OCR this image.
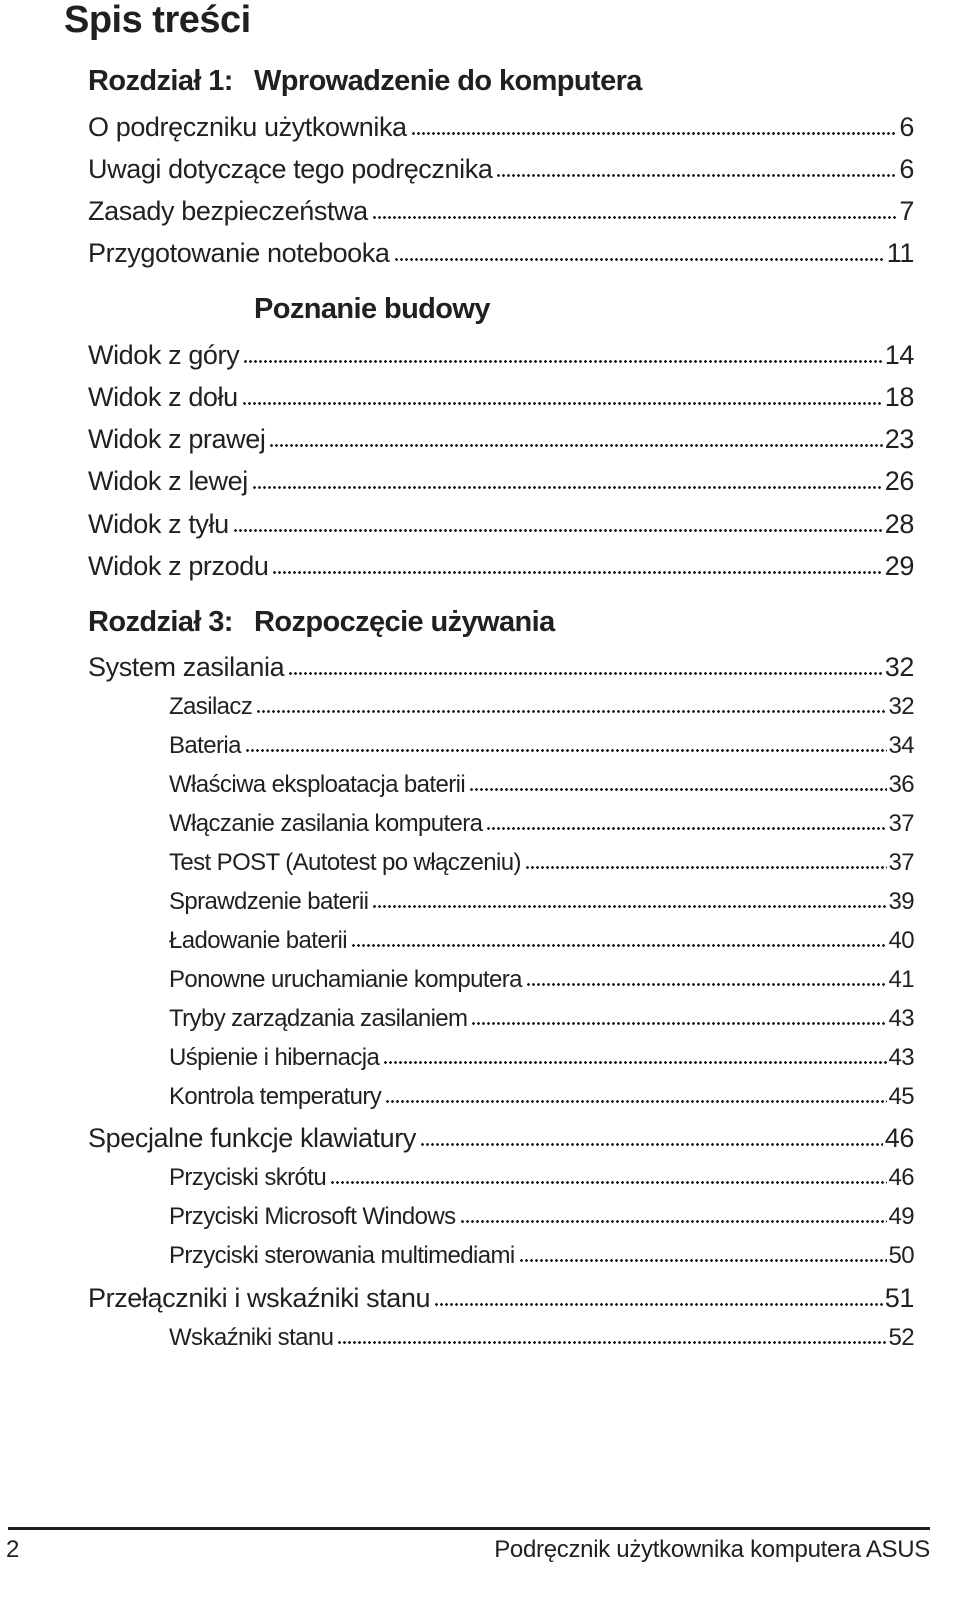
Spis treści
Rozdział 1: Wprowadzenie do komputera
O podręczniku użytkownika	6
Uwagi dotyczące tego podręcznika	6
Zasady bezpieczeństwa	7
Przygotowanie notebooka	11
Poznanie budowy
Widok z góry	14
Widok z dołu	18
Widok z prawej	23
Widok z lewej	26
Widok z tyłu	28
Widok z przodu	29
Rozdział 3: Rozpoczęcie używania
System zasilania	32
Zasilacz	32
Bateria	34
Właściwa eksploatacja baterii	36
Włączanie zasilania komputera	37
Test POST (Autotest po włączeniu)	37
Sprawdzenie baterii	39
Ładowanie baterii	40
Ponowne uruchamianie komputera	41
Tryby zarządzania zasilaniem	43
Uśpienie i hibernacja	43
Kontrola temperatury	45
Specjalne funkcje klawiatury	46
Przyciski skrótu	46
Przyciski Microsoft Windows	49
Przyciski sterowania multimediami	50
Przełączniki i wskaźniki stanu	51
Wskaźniki stanu	52
2	Podręcznik użytkownika komputera ASUS
